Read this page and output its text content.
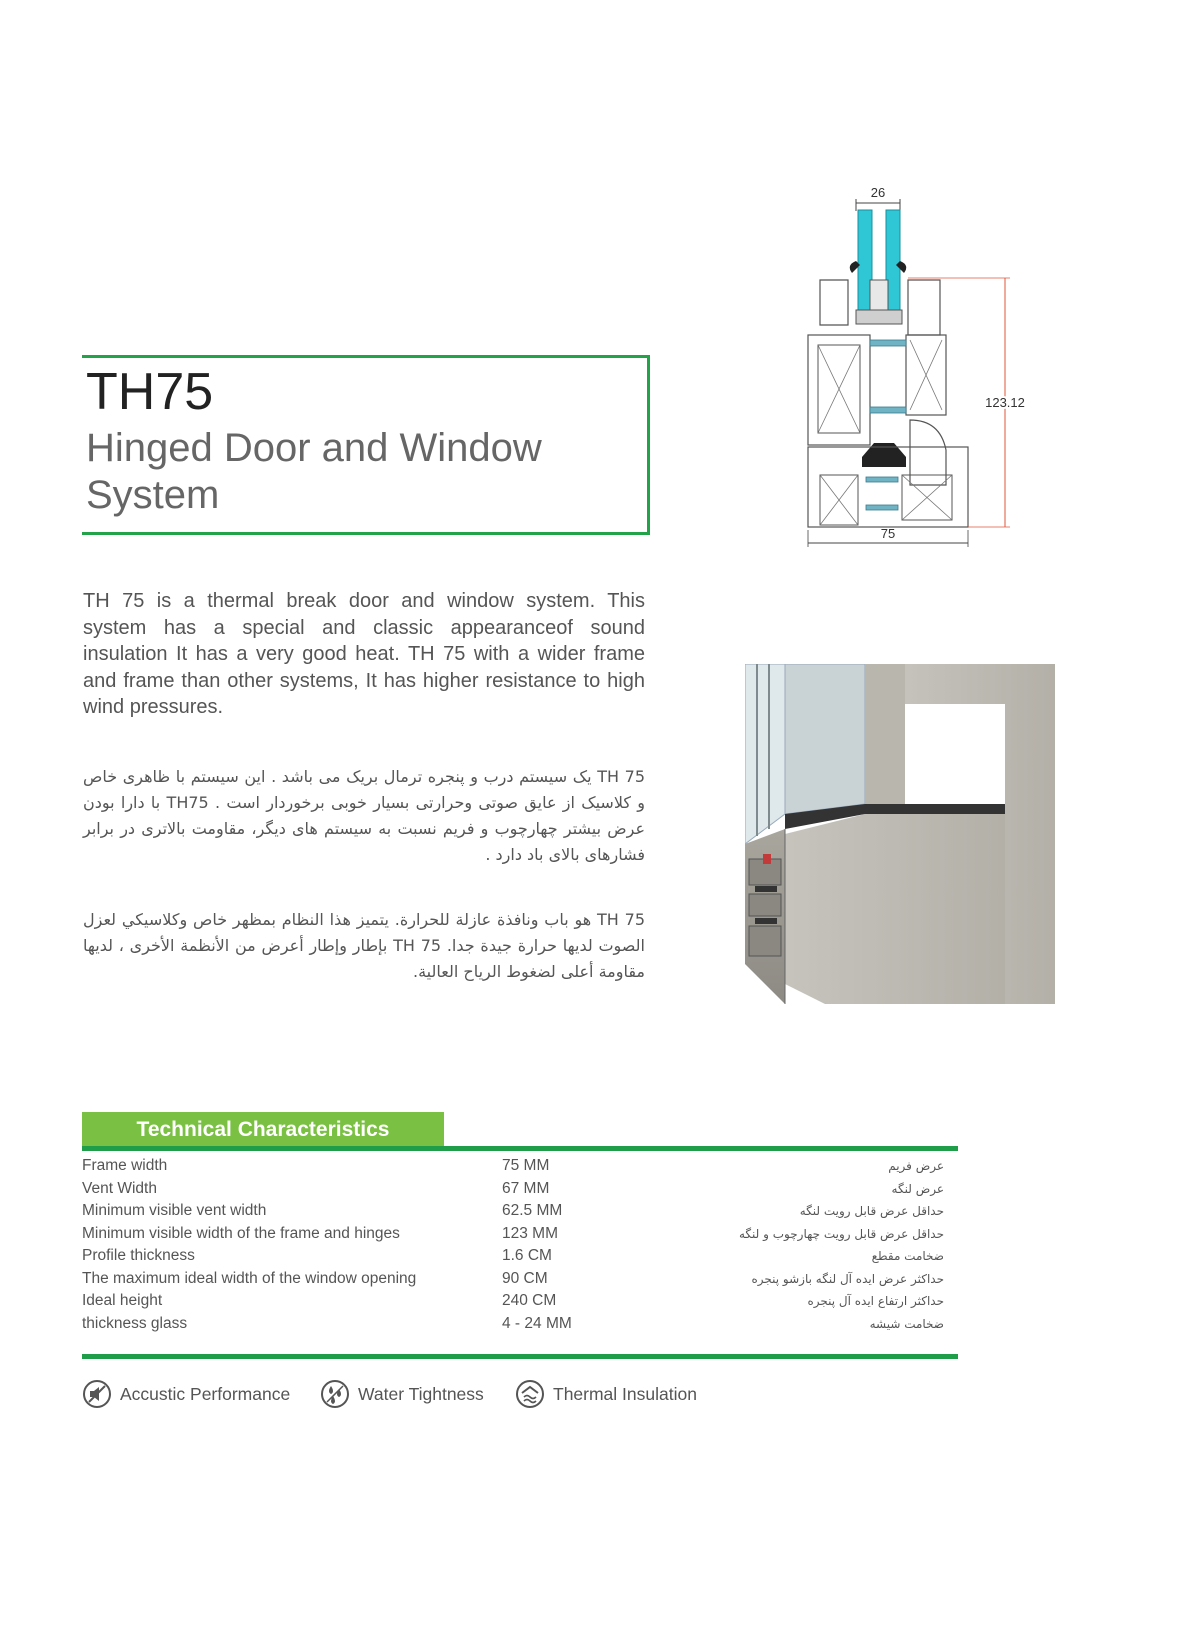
TH75
Hinged Door and Window System
26
123.12
75
TH 75 is a thermal break door and window system. This system has a special and classic appearanceof sound insulation It has a very good heat. TH 75 with a wider frame and frame than other systems, It has higher resistance to high wind pressures.
TH 75 یک سیستم درب و پنجره ترمال بریک می باشد . این سیستم با ظاهری خاص و کلاسیک از عایق صوتی وحرارتی بسیار خوبی برخوردار است . TH75 با دارا بودن عرض بیشتر چهارچوب و فریم نسبت به سیستم های دیگر، مقاومت بالاتری در برابر فشارهای بالای باد دارد .
TH 75 هو باب ونافذة عازلة للحرارة. يتميز هذا النظام بمظهر خاص وكلاسيكي لعزل الصوت لديها حرارة جيدة جدا. TH 75 بإطار وإطار أعرض من الأنظمة الأخرى ، لديها مقاومة أعلى لضغوط الرياح العالية.
Technical Characteristics
Frame width	75 MM	عرض فریم
Vent Width	67 MM	عرض لنگه
Minimum visible vent width	62.5 MM	حداقل عرض قابل رویت لنگه
Minimum visible width of the frame and hinges	123 MM	حداقل عرض قابل رویت چهارچوب و لنگه
Profile thickness	1.6 CM	ضخامت مقطع
The maximum ideal width of the window opening	90 CM	حداکثر عرض ایده آل لنگه بازشو پنجره
Ideal height	240 CM	حداکثر ارتفاع ایده آل پنجره
thickness glass	4 - 24 MM	ضخامت شیشه
Accustic Performance	Water Tightness	Thermal Insulation
